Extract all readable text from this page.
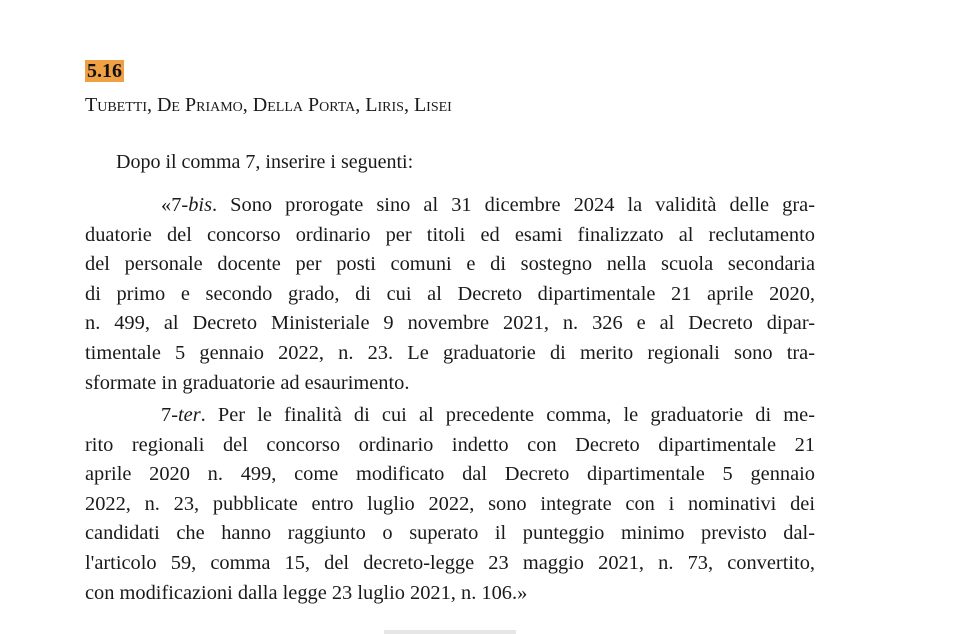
5.16
Tubetti, De Priamo, Della Porta, Liris, Lisei
Dopo il comma 7, inserire i seguenti:
«7-bis. Sono prorogate sino al 31 dicembre 2024 la validità delle gra-
duatorie del concorso ordinario per titoli ed esami finalizzato al reclutamento
del personale docente per posti comuni e di sostegno nella scuola secondaria
di primo e secondo grado, di cui al Decreto dipartimentale 21 aprile 2020,
n. 499, al Decreto Ministeriale 9 novembre 2021, n. 326 e al Decreto dipar-
timentale 5 gennaio 2022, n. 23. Le graduatorie di merito regionali sono tra-
sformate in graduatorie ad esaurimento.
7-ter. Per le finalità di cui al precedente comma, le graduatorie di me-
rito regionali del concorso ordinario indetto con Decreto dipartimentale 21
aprile 2020 n. 499, come modificato dal Decreto dipartimentale 5 gennaio
2022, n. 23, pubblicate entro luglio 2022, sono integrate con i nominativi dei
candidati che hanno raggiunto o superato il punteggio minimo previsto dal-
l'articolo 59, comma 15, del decreto-legge 23 maggio 2021, n. 73, convertito,
con modificazioni dalla legge 23 luglio 2021, n. 106.»
